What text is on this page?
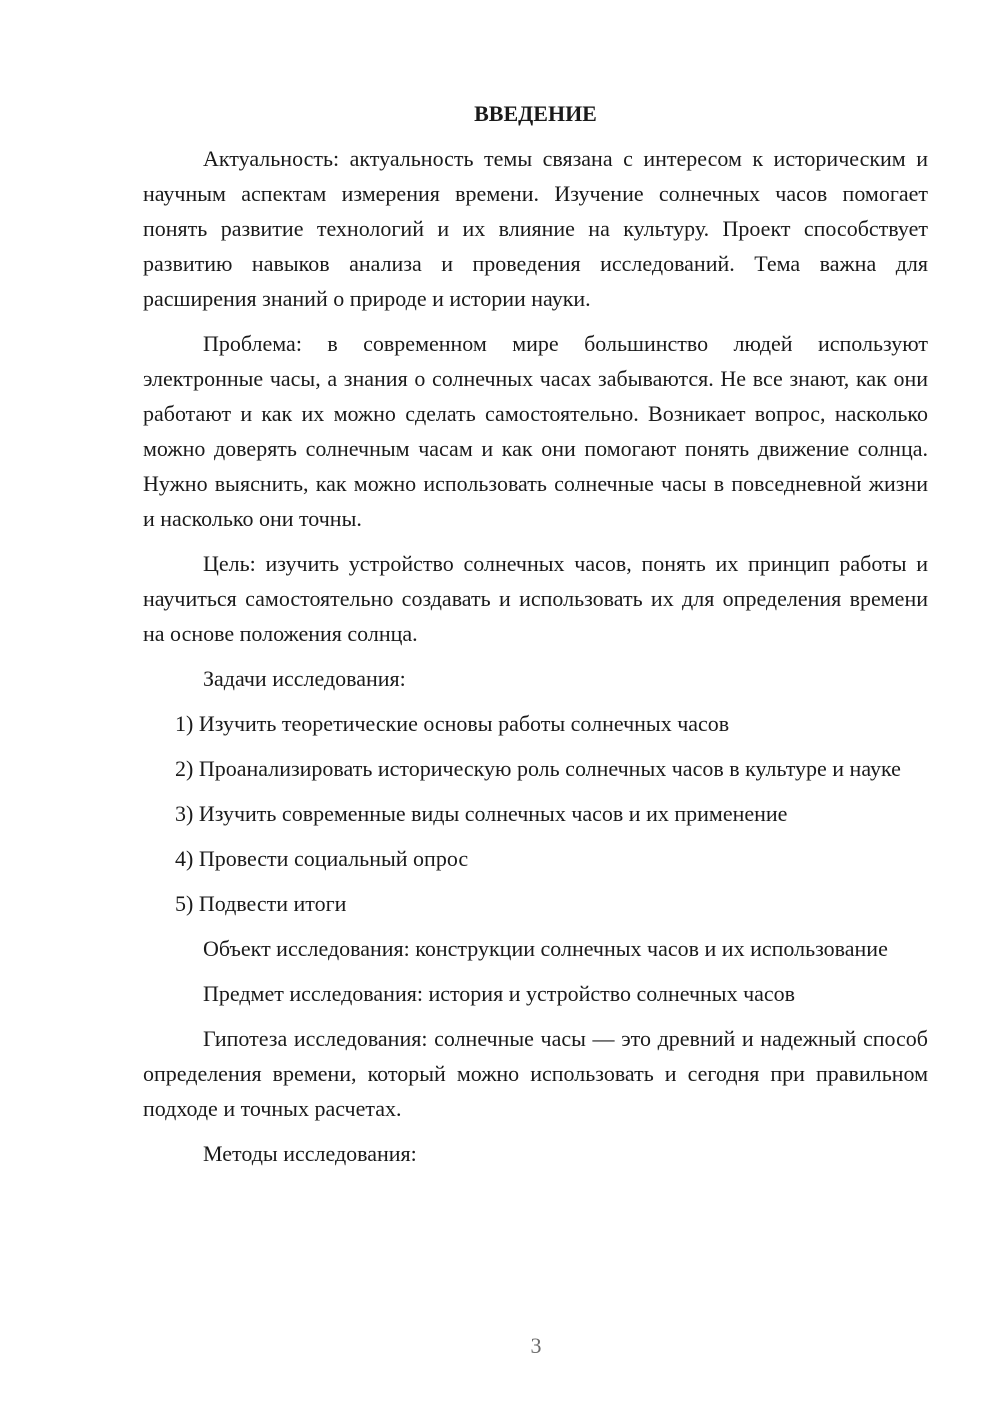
ВВЕДЕНИЕ

Актуальность: актуальность темы связана с интересом к историческим и научным аспектам измерения времени. Изучение солнечных часов помогает понять развитие технологий и их влияние на культуру. Проект способствует развитию навыков анализа и проведения исследований. Тема важна для расширения знаний о природе и истории науки.

Проблема: в современном мире большинство людей используют электронные часы, а знания о солнечных часах забываются. Не все знают, как они работают и как их можно сделать самостоятельно. Возникает вопрос, насколько можно доверять солнечным часам и как они помогают понять движение солнца. Нужно выяснить, как можно использовать солнечные часы в повседневной жизни и насколько они точны.

Цель: изучить устройство солнечных часов, понять их принцип работы и научиться самостоятельно создавать и использовать их для определения времени на основе положения солнца.

Задачи исследования:

1) Изучить теоретические основы работы солнечных часов

2) Проанализировать историческую роль солнечных часов в культуре и науке

3) Изучить современные виды солнечных часов и их применение

4) Провести социальный опрос

5) Подвести итоги

Объект исследования: конструкции солнечных часов и их использование

Предмет исследования: история и устройство солнечных часов

Гипотеза исследования: солнечные часы — это древний и надежный способ определения времени, который можно использовать и сегодня при правильном подходе и точных расчетах.

Методы исследования:

3
